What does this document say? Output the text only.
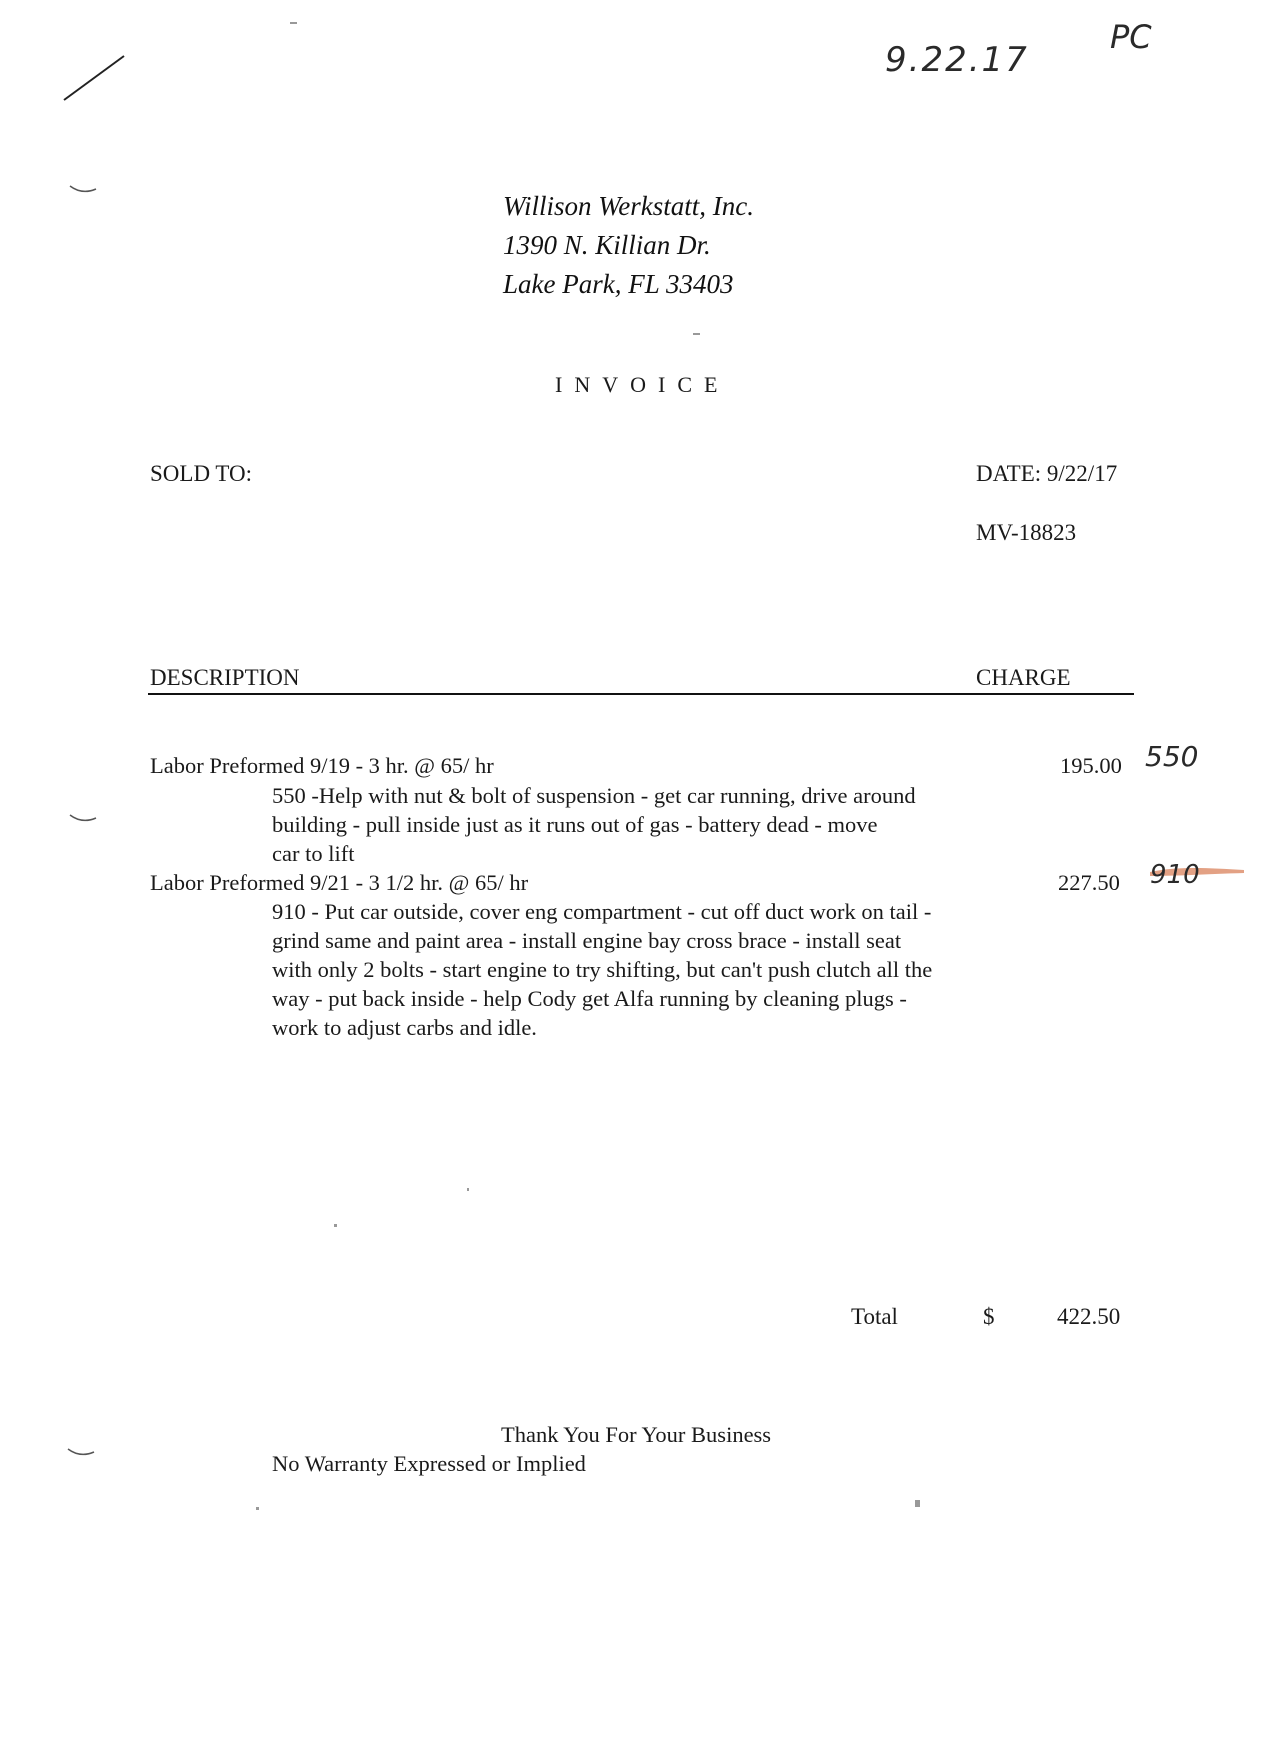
9.22.17
PC
Willison Werkstatt, Inc.
1390 N. Killian Dr.
Lake Park, FL 33403
INVOICE
SOLD TO:	DATE: 9/22/17
MV-18823
DESCRIPTION	CHARGE
Labor Preformed 9/19 - 3 hr. @ 65/ hr	195.00 550
550 -Help with nut & bolt of suspension - get car running, drive around
building - pull inside just as it runs out of gas - battery dead - move
car to lift
Labor Preformed 9/21 - 3 1/2 hr. @ 65/ hr	227.50 910
910 - Put car outside, cover eng compartment - cut off duct work on tail -
grind same and paint area - install engine bay cross brace - install seat
with only 2 bolts - start engine to try shifting, but can't push clutch all the
way - put back inside - help Cody get Alfa running by cleaning plugs -
work to adjust carbs and idle.
Total	$	422.50
Thank You For Your Business
No Warranty Expressed or Implied
